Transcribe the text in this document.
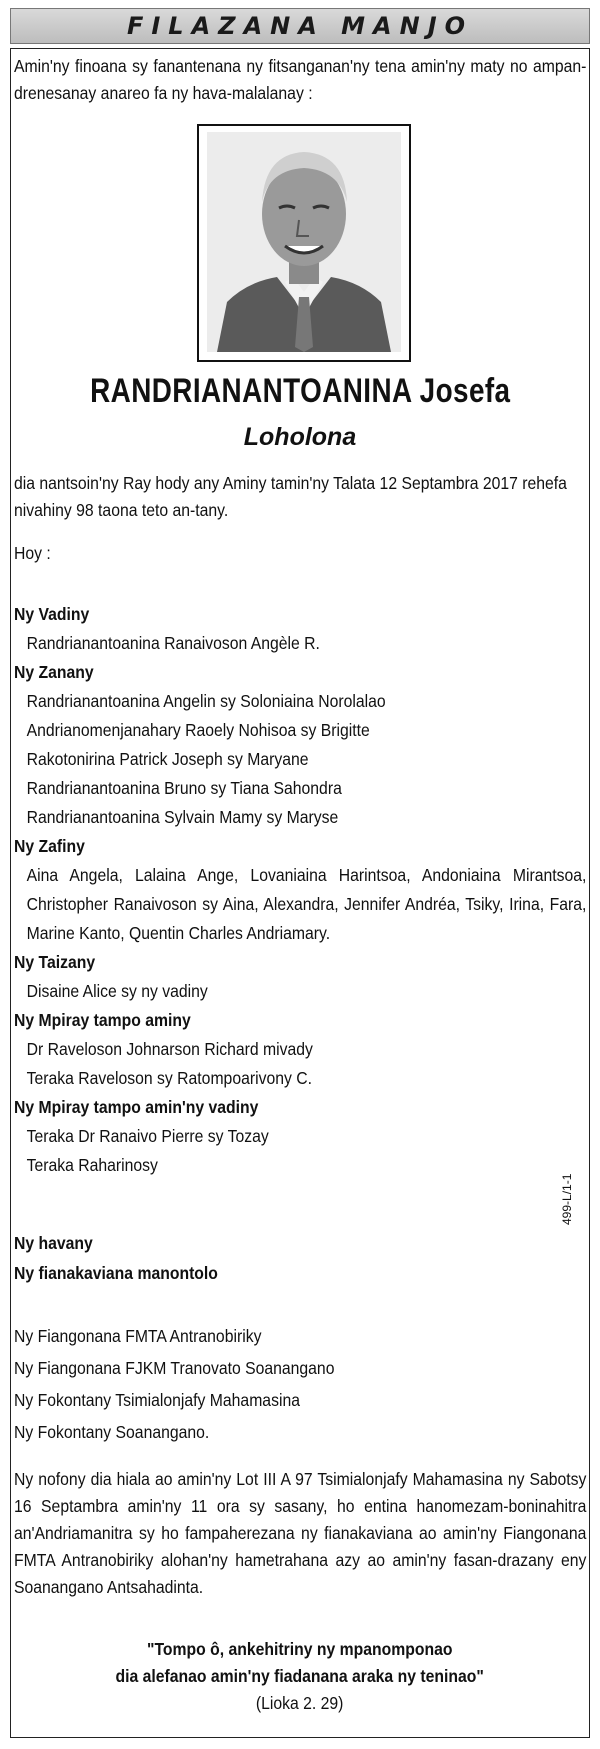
FILAZANA MANJO
Amin'ny finoana sy fanantenana ny fitsanganan'ny tena amin'ny maty no ampan-drenesanay anareo fa ny hava-malalanay :
RANDRIANANTOANINA Josefa
Loholona
dia nantsoin'ny Ray hody any Aminy tamin'ny Talata 12 Septambra 2017 rehefa nivahiny 98 taona teto an-tany.
Hoy :
Ny Vadiny
Randrianantoanina Ranaivoson Angèle R.
Ny Zanany
Randrianantoanina Angelin sy Soloniaina Norolalao
Andrianomenjanahary Raoely Nohisoa sy Brigitte
Rakotonirina Patrick Joseph sy Maryane
Randrianantoanina Bruno sy Tiana Sahondra
Randrianantoanina Sylvain Mamy sy Maryse
Ny Zafiny
Aina Angela, Lalaina Ange, Lovaniaina Harintsoa, Andoniaina Mirantsoa, Christopher Ranaivoson sy Aina, Alexandra, Jennifer Andréa, Tsiky, Irina, Fara, Marine Kanto, Quentin Charles Andriamary.
Ny Taizany
Disaine Alice sy ny vadiny
Ny Mpiray tampo aminy
Dr Raveloson Johnarson Richard mivady
Teraka Raveloson sy Ratompoarivony C.
Ny Mpiray tampo amin'ny vadiny
Teraka Dr Ranaivo Pierre sy Tozay
Teraka Raharinosy
Ny havany
Ny fianakaviana manontolo
Ny Fiangonana FMTA Antranobiriky
Ny Fiangonana FJKM Tranovato Soanangano
Ny Fokontany Tsimialonjafy Mahamasina
Ny Fokontany Soanangano.
Ny nofony dia hiala ao amin'ny Lot III A 97 Tsimialonjafy Mahamasina ny Sabotsy 16 Septambra amin'ny 11 ora sy sasany, ho entina hanomezam-boninahitra an'Andriamanitra sy ho fampaherezana ny fianakaviana ao amin'ny Fiangonana FMTA Antranobiriky alohan'ny hametrahana azy ao amin'ny fasan-drazany eny Soanangano Antsahadinta.
"Tompo ô, ankehitriny ny mpanomponao
dia alefanao amin'ny fiadanana araka ny teninao"
(Lioka 2. 29)
499-L/1-1
